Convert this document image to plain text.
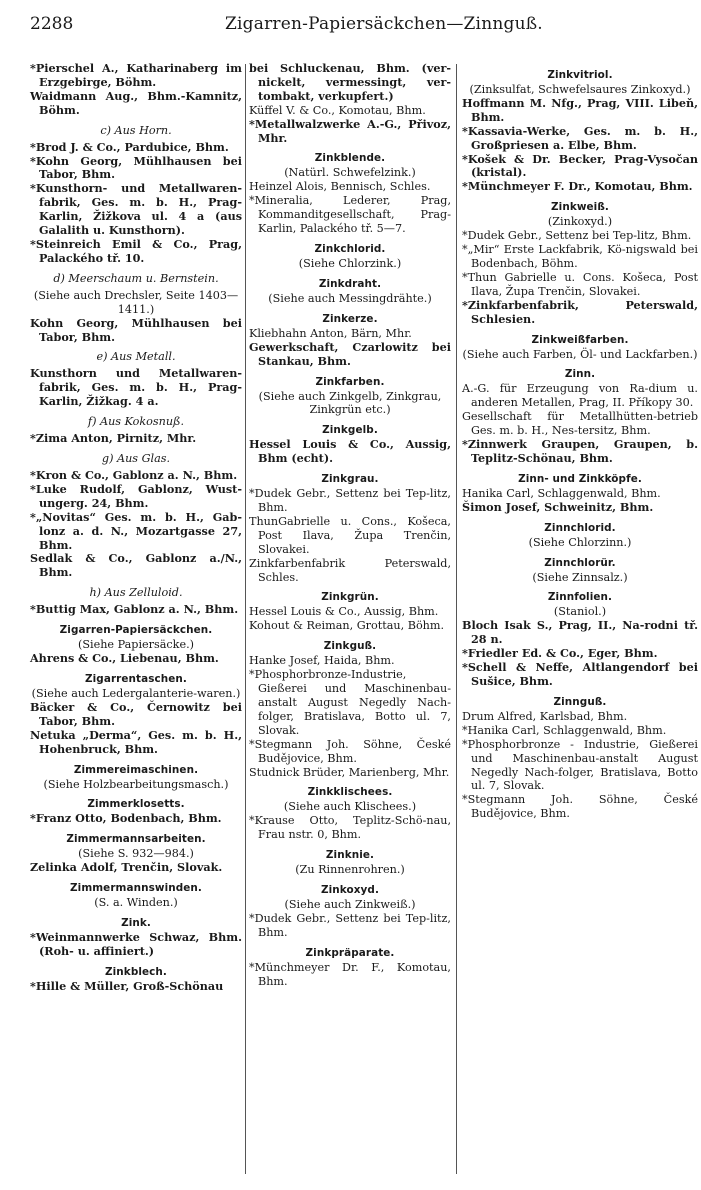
2288	Zigarren-Papiersäckchen—Zinnguß.

*Pierschel A., Katharinaberg im Erzgebirge, Böhm.

Waidmann Aug., Bhm.-Kamnitz, Böhm.

c) Aus Horn.

*Brod J. & Co., Pardubice, Bhm.

*Kohn Georg, Mühlhausen bei Tabor, Bhm.

*Kunsthorn- und Metallwaren-fabrik, Ges. m. b. H., Prag-Karlin, Žižkova ul. 4 a (aus Galalith u. Kunsthorn).

*Steinreich Emil & Co., Prag, Palackého tř. 10.

d) Meerschaum u. Bernstein.

(Siehe auch Drechsler, Seite 1403—1411.)

Kohn Georg, Mühlhausen bei Tabor, Bhm.

e) Aus Metall.

Kunsthorn und Metallwaren-fabrik, Ges. m. b. H., Prag-Karlin, Žižkag. 4 a.

f) Aus Kokosnuß.

*Zima Anton, Pirnitz, Mhr.

g) Aus Glas.

*Kron & Co., Gablonz a. N., Bhm.

*Luke Rudolf, Gablonz, Wust-ungerg. 24, Bhm.

*„Novitas“ Ges. m. b. H., Gab-lonz a. d. N., Mozartgasse 27, Bhm.

Sedlak & Co., Gablonz a./N., Bhm.

h) Aus Zelluloid.

*Buttig Max, Gablonz a. N., Bhm.

Zigarren-Papiersäckchen.

(Siehe Papiersäcke.)

Ahrens & Co., Liebenau, Bhm.

Zigarrentaschen.

(Siehe auch Ledergalanterie-waren.)

Bäcker & Co., Černowitz bei Tabor, Bhm.

Netuka „Derma“, Ges. m. b. H., Hohenbruck, Bhm.

Zimmereimaschinen.

(Siehe Holzbearbeitungsmasch.)

Zimmerklosetts.

*Franz Otto, Bodenbach, Bhm.

Zimmermannsarbeiten.

(Siehe S. 932—984.)

Zelinka Adolf, Trenčin, Slovak.

Zimmermannswinden.

(S. a. Winden.)

Zink.

*Weinmannwerke Schwaz, Bhm. (Roh- u. affiniert.)

Zinkblech.

*Hille & Müller, Groß-Schönau

bei Schluckenau, Bhm. (ver-nickelt, vermessingt, ver-tombakt, verkupfert.)

Küffel V. & Co., Komotau, Bhm.

*Metallwalzwerke A.-G., Přivoz, Mhr.

Zinkblende.

(Natürl. Schwefelzink.)

Heinzel Alois, Bennisch, Schles.

*Mineralia, Lederer, Prag, Kommanditgesellschaft, Prag-Karlin, Palackého tř. 5—7.

Zinkchlorid.

(Siehe Chlorzink.)

Zinkdraht.

(Siehe auch Messingdrähte.)

Zinkerze.

Kliebhahn Anton, Bärn, Mhr.

Gewerkschaft, Czarlowitz bei Stankau, Bhm.

Zinkfarben.

(Siehe auch Zinkgelb, Zinkgrau, Zinkgrün etc.)

Zinkgelb.

Hessel Louis & Co., Aussig, Bhm (echt).

Zinkgrau.

*Dudek Gebr., Settenz bei Tep-litz, Bhm.

ThunGabrielle u. Cons., Košeca, Post Ilava, Župa Trenčin, Slovakei.

Zinkfarbenfabrik Peterswald, Schles.

Zinkgrün.

Hessel Louis & Co., Aussig, Bhm.

Kohout & Reiman, Grottau, Böhm.

Zinkguß.

Hanke Josef, Haida, Bhm.

*Phosphorbronze-Industrie, Gießerei und Maschinenbau-anstalt August Negedly Nach-folger, Bratislava, Botto ul. 7, Slovak.

*Stegmann Joh. Söhne, České Budějovice, Bhm.

Studnick Brüder, Marienberg, Mhr.

Zinkklischees.

(Siehe auch Klischees.)

*Krause Otto, Teplitz-Schö-nau, Frau nstr. 0, Bhm.

Zinknie.

(Zu Rinnenrohren.)

Zinkoxyd.

(Siehe auch Zinkweiß.)

*Dudek Gebr., Settenz bei Tep-litz, Bhm.

Zinkpräparate.

*Münchmeyer Dr. F., Komotau, Bhm.

Zinkvitriol.

(Zinksulfat, Schwefelsaures Zinkoxyd.)

Hoffmann M. Nfg., Prag, VIII. Libeň, Bhm.

*Kassavia-Werke, Ges. m. b. H., Großpriesen a. Elbe, Bhm.

*Košek & Dr. Becker, Prag-Vysočan (kristal).

*Münchmeyer F. Dr., Komotau, Bhm.

Zinkweiß.

(Zinkoxyd.)

*Dudek Gebr., Settenz bei Tep-litz, Bhm.

*„Mir“ Erste Lackfabrik, Kö-nigswald bei Bodenbach, Böhm.

*Thun Gabrielle u. Cons. Košeca, Post Ilava, Župa Trenčin, Slovakei.

*Zinkfarbenfabrik, Peterswald, Schlesien.

Zinkweißfarben.

(Siehe auch Farben, Öl- und Lackfarben.)

Zinn.

A.-G. für Erzeugung von Ra-dium u. anderen Metallen, Prag, II. Příkopy 30.

Gesellschaft für Metallhütten-betrieb Ges. m. b. H., Nes-tersitz, Bhm.

*Zinnwerk Graupen, Graupen, b. Teplitz-Schönau, Bhm.

Zinn- und Zinkköpfe.

Hanika Carl, Schlaggenwald, Bhm.

Šimon Josef, Schweinitz, Bhm.

Zinnchlorid.

(Siehe Chlorzinn.)

Zinnchlorür.

(Siehe Zinnsalz.)

Zinnfolien.

(Staniol.)

Bloch Isak S., Prag, II., Na-rodni tř. 28 n.

*Friedler Ed. & Co., Eger, Bhm.

*Schell & Neffe, Altlangendorf bei Sušice, Bhm.

Zinnguß.

Drum Alfred, Karlsbad, Bhm.

*Hanika Carl, Schlaggenwald, Bhm.

*Phosphorbronze - Industrie, Gießerei und Maschinenbau-anstalt August Negedly Nach-folger, Bratislava, Botto ul. 7, Slovak.

*Stegmann Joh. Söhne, České Budějovice, Bhm.
